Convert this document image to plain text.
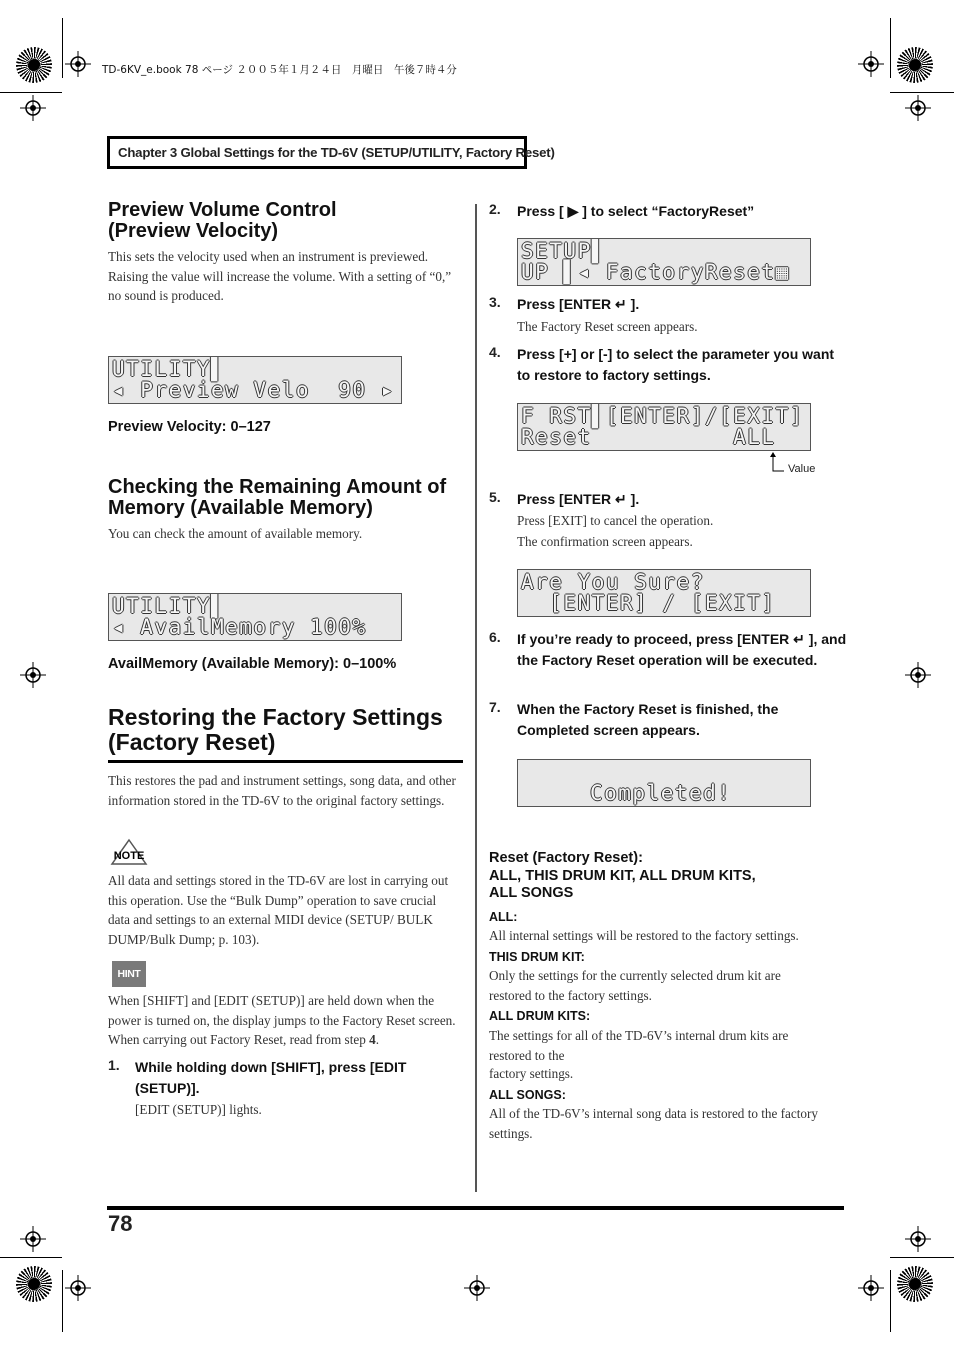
TD-6KV_e.book 78 ページ ２００５年１月２４日　月曜日　午後７時４分
Chapter 3 Global Settings for the TD-6V (SETUP/UTILITY, Factory Reset)
Preview Volume Control
(Preview Velocity)

This sets the velocity used when an instrument is previewed. Raising the value will increase the volume. With a setting of “0,” no sound is produced.

UTILITY▌
◂ Preview Velo  90 ▸
Preview Velocity: 0–127
Checking the Remaining Amount of
Memory (Available Memory)

You can check the amount of available memory.

UTILITY▌
◂ AvailMemory 100%
AvailMemory (Available Memory): 0–100%
Restoring the Factory Settings
(Factory Reset)

This restores the pad and instrument settings, song data, and other information stored in the TD-6V to the original factory settings.

NOTE

All data and settings stored in the TD-6V are lost in carrying out this operation. Use the “Bulk Dump” operation to save crucial data and settings to an external MIDI device (SETUP/ BULK DUMP/Bulk Dump; p. 103).

HINT

When [SHIFT] and [EDIT (SETUP)] are held down when the power is turned on, the display jumps to the Factory Reset screen. When carrying out Factory Reset, read from step 4.

1. While holding down [SHIFT], press [EDIT (SETUP)].

[EDIT (SETUP)] lights.

2. Press [ ▶ ] to select “FactoryReset”
SETUP▌
UP ▌◂ FactoryReset▦
3. Press [ENTER ↵ ].

The Factory Reset screen appears.

4. Press [+] or [-] to select the parameter you want to restore to factory settings.
F RST▌[ENTER]/[EXIT]
Reset          ALL
Value
5. Press [ENTER ↵ ].

Press [EXIT] to cancel the operation.

The confirmation screen appears.

Are You Sure?
[ENTER] / [EXIT]
6. If you’re ready to proceed, press [ENTER ↵ ], and the Factory Reset operation will be executed.
7. When the Factory Reset is finished, the Completed screen appears.
Completed!
Reset (Factory Reset):
ALL, THIS DRUM KIT, ALL DRUM KITS,
ALL SONGS
ALL:

All internal settings will be restored to the factory settings.

THIS DRUM KIT:

Only the settings for the currently selected drum kit are restored to the factory settings.

ALL DRUM KITS:

The settings for all of the TD-6V’s internal drum kits are restored to the

factory settings.

ALL SONGS:

All of the TD-6V’s internal song data is restored to the factory settings.

78
